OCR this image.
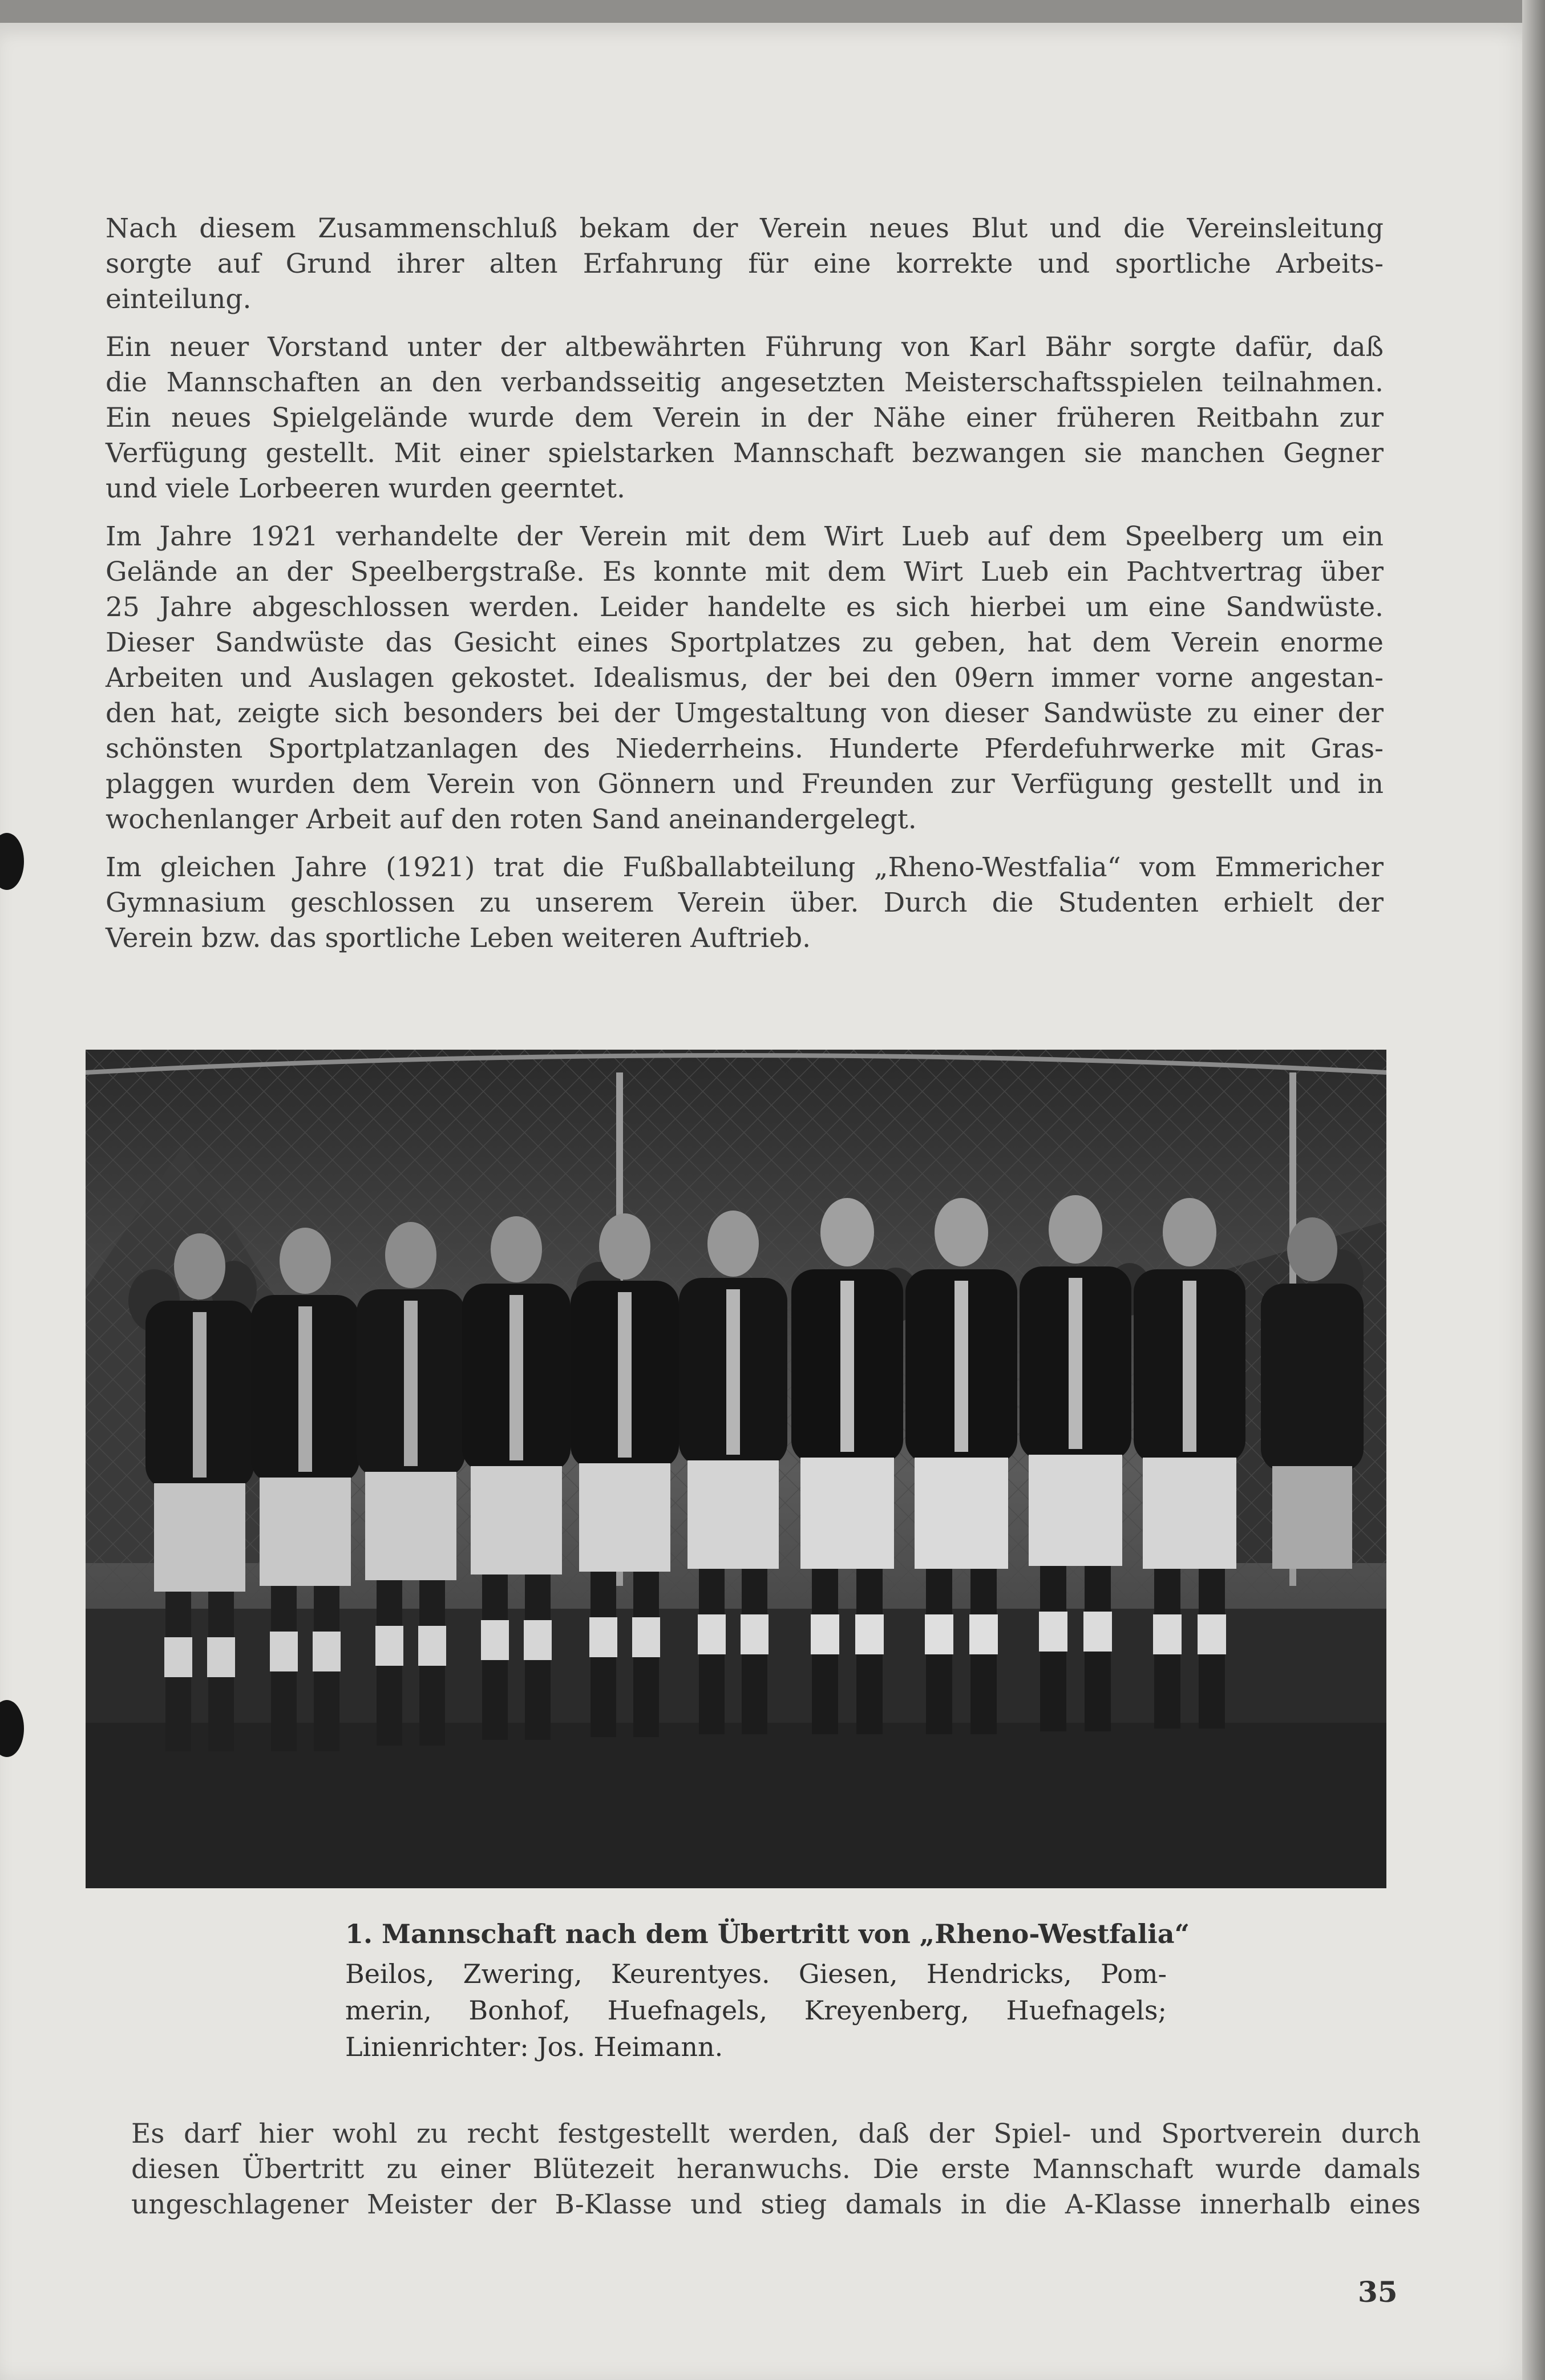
Nach diesem Zusammenschluß bekam der Verein neues Blut und die Vereinsleitung
sorgte auf Grund ihrer alten Erfahrung für eine korrekte und sportliche Arbeits-
einteilung.

Ein neuer Vorstand unter der altbewährten Führung von Karl Bähr sorgte dafür, daß
die Mannschaften an den verbandsseitig angesetzten Meisterschaftsspielen teilnahmen.
Ein neues Spielgelände wurde dem Verein in der Nähe einer früheren Reitbahn zur
Verfügung gestellt. Mit einer spielstarken Mannschaft bezwangen sie manchen Gegner
und viele Lorbeeren wurden geerntet.

Im Jahre 1921 verhandelte der Verein mit dem Wirt Lueb auf dem Speelberg um ein
Gelände an der Speelbergstraße. Es konnte mit dem Wirt Lueb ein Pachtvertrag über
25 Jahre abgeschlossen werden. Leider handelte es sich hierbei um eine Sandwüste.
Dieser Sandwüste das Gesicht eines Sportplatzes zu geben, hat dem Verein enorme
Arbeiten und Auslagen gekostet. Idealismus, der bei den 09ern immer vorne angestan-
den hat, zeigte sich besonders bei der Umgestaltung von dieser Sandwüste zu einer der
schönsten Sportplatzanlagen des Niederrheins. Hunderte Pferdefuhrwerke mit Gras-
plaggen wurden dem Verein von Gönnern und Freunden zur Verfügung gestellt und in
wochenlanger Arbeit auf den roten Sand aneinandergelegt.

Im gleichen Jahre (1921) trat die Fußballabteilung „Rheno-Westfalia“ vom Emmericher
Gymnasium geschlossen zu unserem Verein über. Durch die Studenten erhielt der
Verein bzw. das sportliche Leben weiteren Auftrieb.

1. Mannschaft nach dem Übertritt von „Rheno-Westfalia“
Beilos, Zwering, Keurentyes. Giesen, Hendricks, Pom-
merin, Bonhof, Huefnagels, Kreyenberg, Huefnagels;
Linienrichter: Jos. Heimann.

Es darf hier wohl zu recht festgestellt werden, daß der Spiel- und Sportverein durch
diesen Übertritt zu einer Blütezeit heranwuchs. Die erste Mannschaft wurde damals
ungeschlagener Meister der B-Klasse und stieg damals in die A-Klasse innerhalb eines

35
